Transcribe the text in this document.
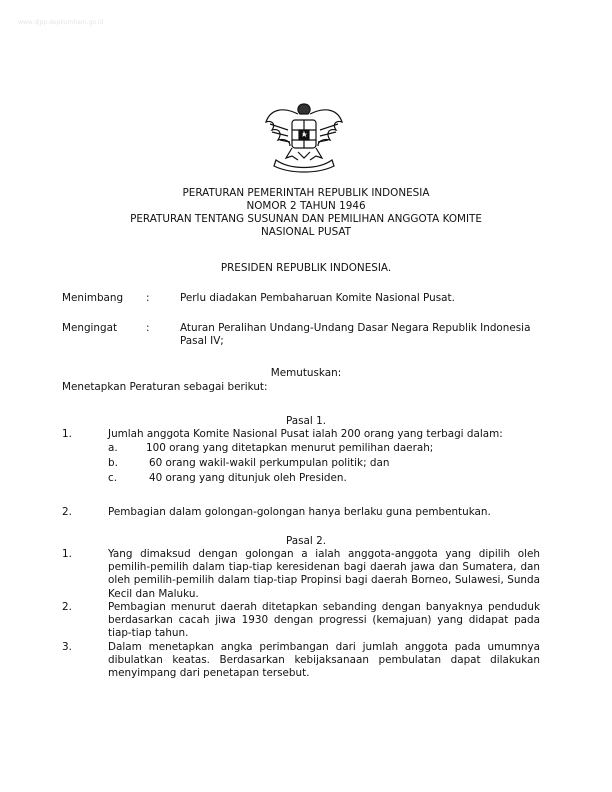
www.djpp.depkumham.go.id
PERATURAN PEMERINTAH REPUBLIK INDONESIA
NOMOR 2 TAHUN 1946
PERATURAN TENTANG SUSUNAN DAN PEMILIHAN ANGGOTA KOMITE
NASIONAL PUSAT
PRESIDEN REPUBLIK INDONESIA.
Menimbang :	Perlu diadakan Pembaharuan Komite Nasional Pusat.
Mengingat	:	Aturan Peralihan Undang-Undang Dasar Negara Republik Indonesia
Pasal IV;
Memutuskan:
Menetapkan Peraturan sebagai berikut:
Pasal 1.
1.	Jumlah anggota Komite Nasional Pusat ialah 200 orang yang terbagi dalam:
a.	100 orang yang ditetapkan menurut pemilihan daerah;
b.	60 orang wakil-wakil perkumpulan politik; dan
c.	40 orang yang ditunjuk oleh Presiden.
2.	Pembagian dalam golongan-golongan hanya berlaku guna pembentukan.
Pasal 2.
1.	Yang dimaksud dengan golongan a ialah anggota-anggota yang dipilih oleh pemilih-pemilih dalam tiap-tiap keresidenan bagi daerah jawa dan Sumatera, dan oleh pemilih-pemilih dalam tiap-tiap Propinsi bagi daerah Borneo, Sulawesi, Sunda Kecil dan Maluku.
2.	Pembagian menurut daerah ditetapkan sebanding dengan banyaknya penduduk berdasarkan cacah jiwa 1930 dengan progressi (kemajuan) yang didapat pada tiap-tiap tahun.
3.	Dalam menetapkan angka perimbangan dari jumlah anggota pada umumnya dibulatkan keatas. Berdasarkan kebijaksanaan pembulatan dapat dilakukan menyimpang dari penetapan tersebut.
